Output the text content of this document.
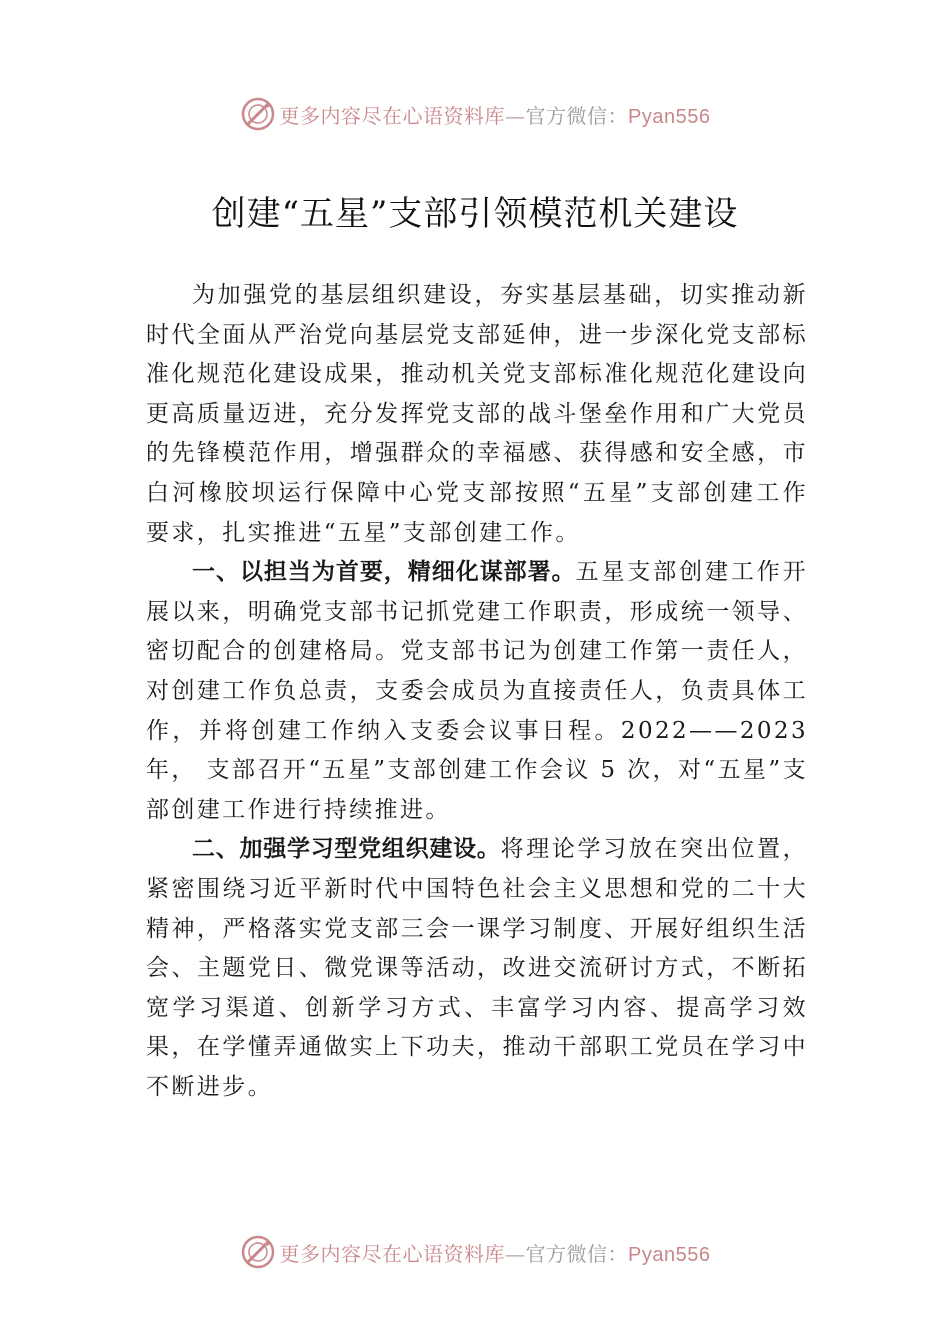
更多内容尽在心语资料库—官方微信：Pyan556
创建“五星”支部引领模范机关建设

为加强党的基层组织建设，夯实基层基础，切实推动新时代全面从严治党向基层党支部延伸，进一步深化党支部标准化规范化建设成果，推动机关党支部标准化规范化建设向更高质量迈进，充分发挥党支部的战斗堡垒作用和广大党员的先锋模范作用，增强群众的幸福感、获得感和安全感，市白河橡胶坝运行保障中心党支部按照“五星”支部创建工作要求，扎实推进“五星”支部创建工作。

一、以担当为首要，精细化谋部署。五星支部创建工作开展以来，明确党支部书记抓党建工作职责，形成统一领导、 密切配合的创建格局。党支部书记为创建工作第一责任人， 对创建工作负总责，支委会成员为直接责任人，负责具体工作，并将创建工作纳入支委会议事日程。2022——2023 年， 支部召开“五星”支部创建工作会议 5 次，对“五星”支部创建工作进行持续推进。

二、加强学习型党组织建设。将理论学习放在突出位置，紧密围绕习近平新时代中国特色社会主义思想和党的二十大精神，严格落实党支部三会一课学习制度、开展好组织生活会、主题党日、微党课等活动，改进交流研讨方式，不断拓宽学习渠道、创新学习方式、丰富学习内容、提高学习效果，在学懂弄通做实上下功夫，推动干部职工党员在学习中不断进步。

更多内容尽在心语资料库—官方微信：Pyan556
